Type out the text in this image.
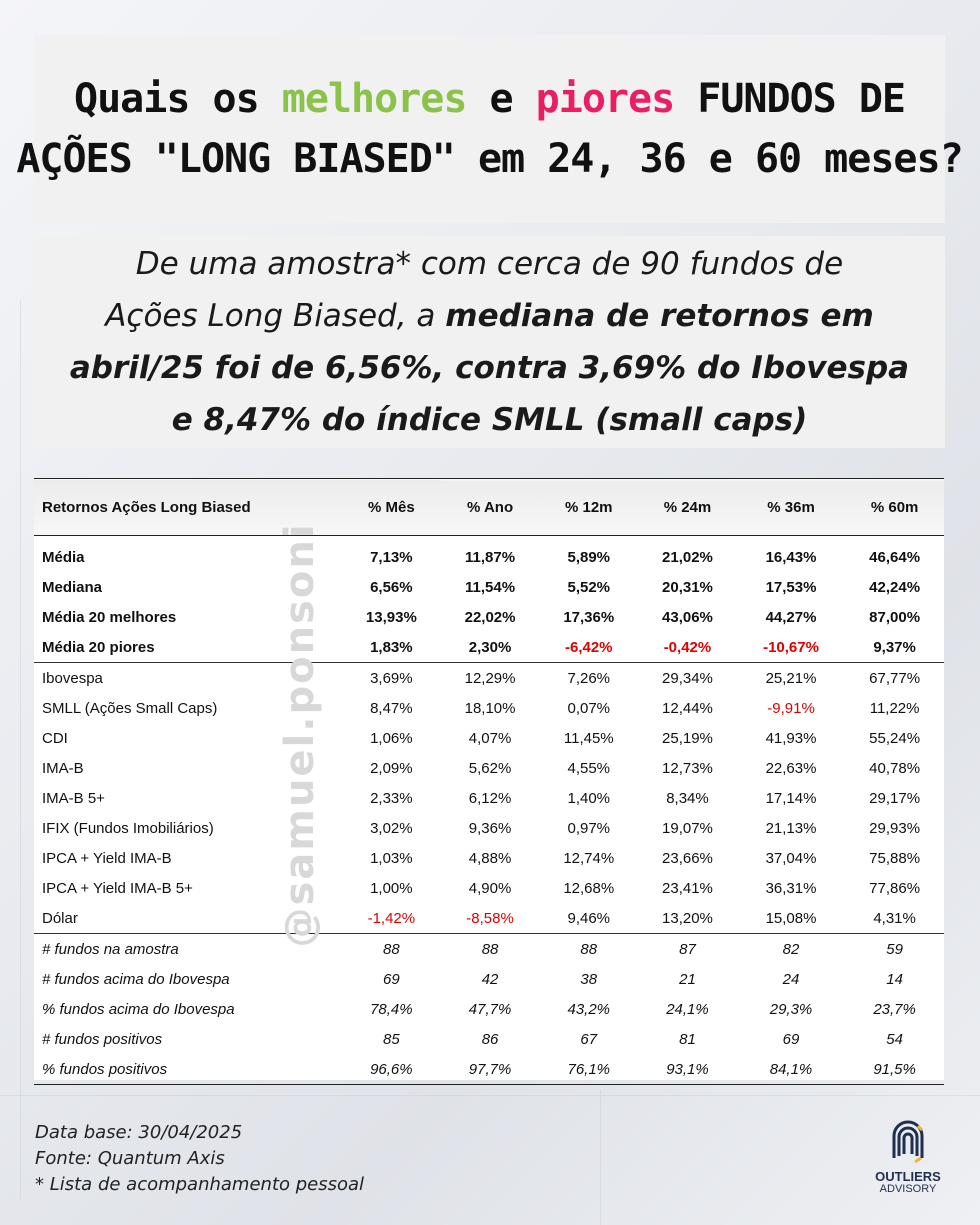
Quais os melhores e piores FUNDOS DE
AÇÕES "LONG BIASED" em 24, 36 e 60 meses?
De uma amostra* com cerca de 90 fundos de
Ações Long Biased, a mediana de retornos em
abril/25 foi de 6,56%, contra 3,69% do Ibovespa
e 8,47% do índice SMLL (small caps)
Retornos Ações Long Biased	% Mês	% Ano	% 12m	% 24m	% 36m	% 60m
Média	7,13%	11,87%	5,89%	21,02%	16,43%	46,64%
Mediana	6,56%	11,54%	5,52%	20,31%	17,53%	42,24%
Média 20 melhores	13,93%	22,02%	17,36%	43,06%	44,27%	87,00%
Média 20 piores	1,83%	2,30%	-6,42%	-0,42%	-10,67%	9,37%
Ibovespa	3,69%	12,29%	7,26%	29,34%	25,21%	67,77%
SMLL (Ações Small Caps)	8,47%	18,10%	0,07%	12,44%	-9,91%	11,22%
CDI	1,06%	4,07%	11,45%	25,19%	41,93%	55,24%
IMA-B	2,09%	5,62%	4,55%	12,73%	22,63%	40,78%
IMA-B 5+	2,33%	6,12%	1,40%	8,34%	17,14%	29,17%
IFIX (Fundos Imobiliários)	3,02%	9,36%	0,97%	19,07%	21,13%	29,93%
IPCA + Yield IMA-B	1,03%	4,88%	12,74%	23,66%	37,04%	75,88%
IPCA + Yield IMA-B 5+	1,00%	4,90%	12,68%	23,41%	36,31%	77,86%
Dólar	-1,42%	-8,58%	9,46%	13,20%	15,08%	4,31%
# fundos na amostra	88	88	88	87	82	59
# fundos acima do Ibovespa	69	42	38	21	24	14
% fundos acima do Ibovespa	78,4%	47,7%	43,2%	24,1%	29,3%	23,7%
# fundos positivos	85	86	67	81	69	54
% fundos positivos	96,6%	97,7%	76,1%	93,1%	84,1%	91,5%
@samuel.ponsoni
Data base: 30/04/2025
Fonte: Quantum Axis
* Lista de acompanhamento pessoal	OUTLIERS
ADVISORY
